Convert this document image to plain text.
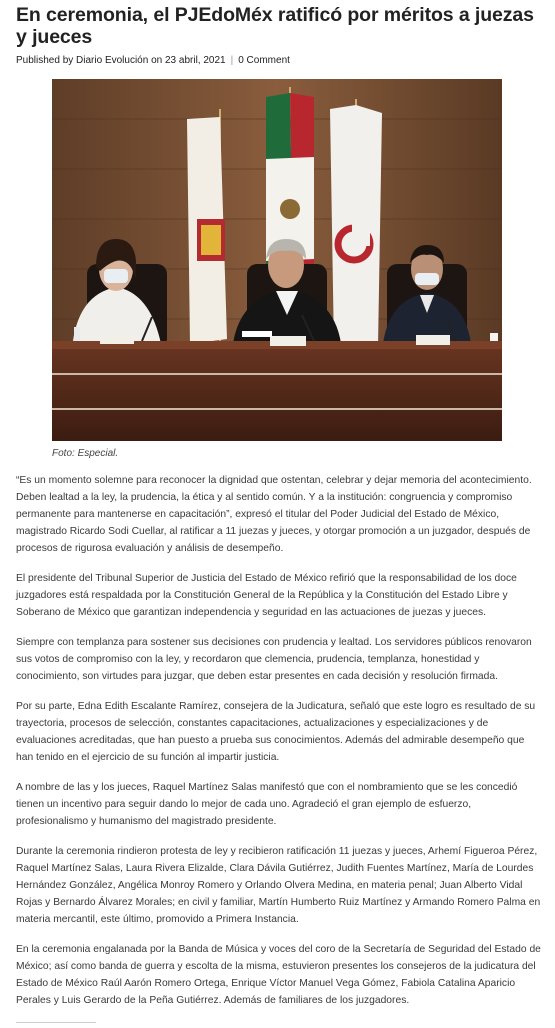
En ceremonia, el PJEdoMéx ratificó por méritos a juezas y jueces
Published by Diario Evolución on 23 abril, 2021 | 0 Comment
Foto: Especial.

“Es un momento solemne para reconocer la dignidad que ostentan, celebrar y dejar memoria del acontecimiento. Deben lealtad a la ley, la prudencia, la ética y al sentido común. Y a la institución: congruencia y compromiso permanente para mantenerse en capacitación”, expresó el titular del Poder Judicial del Estado de México, magistrado Ricardo Sodi Cuellar, al ratificar a 11 juezas y jueces, y otorgar promoción a un juzgador, después de procesos de rigurosa evaluación y análisis de desempeño.

El presidente del Tribunal Superior de Justicia del Estado de México refirió que la responsabilidad de los doce juzgadores está respaldada por la Constitución General de la República y la Constitución del Estado Libre y Soberano de México que garantizan independencia y seguridad en las actuaciones de juezas y jueces.

Siempre con templanza para sostener sus decisiones con prudencia y lealtad. Los servidores públicos renovaron sus votos de compromiso con la ley, y recordaron que clemencia, prudencia, templanza, honestidad y conocimiento, son virtudes para juzgar, que deben estar presentes en cada decisión y resolución firmada.

Por su parte, Edna Edith Escalante Ramírez, consejera de la Judicatura, señaló que este logro es resultado de su trayectoria, procesos de selección, constantes capacitaciones, actualizaciones y especializaciones y de evaluaciones acreditadas, que han puesto a prueba sus conocimientos. Además del admirable desempeño que han tenido en el ejercicio de su función al impartir justicia.

A nombre de las y los jueces, Raquel Martínez Salas manifestó que con el nombramiento que se les concedió tienen un incentivo para seguir dando lo mejor de cada uno. Agradeció el gran ejemplo de esfuerzo, profesionalismo y humanismo del magistrado presidente.

Durante la ceremonia rindieron protesta de ley y recibieron ratificación 11 juezas y jueces, Arhemí Figueroa Pérez, Raquel Martínez Salas, Laura Rivera Elizalde, Clara Dávila Gutiérrez, Judith Fuentes Martínez, María de Lourdes Hernández González, Angélica Monroy Romero y Orlando Olvera Medina, en materia penal; Juan Alberto Vidal Rojas y Bernardo Álvarez Morales; en civil y familiar, Martín Humberto Ruiz Martínez y Armando Romero Palma en materia mercantil, este último, promovido a Primera Instancia.

En la ceremonia engalanada por la Banda de Música y voces del coro de la Secretaría de Seguridad del Estado de México; así como banda de guerra y escolta de la misma, estuvieron presentes los consejeros de la judicatura del Estado de México Raúl Aarón Romero Ortega, Enrique Víctor Manuel Vega Gómez, Fabiola Catalina Aparicio Perales y Luis Gerardo de la Peña Gutiérrez. Además de familiares de los juzgadores.
